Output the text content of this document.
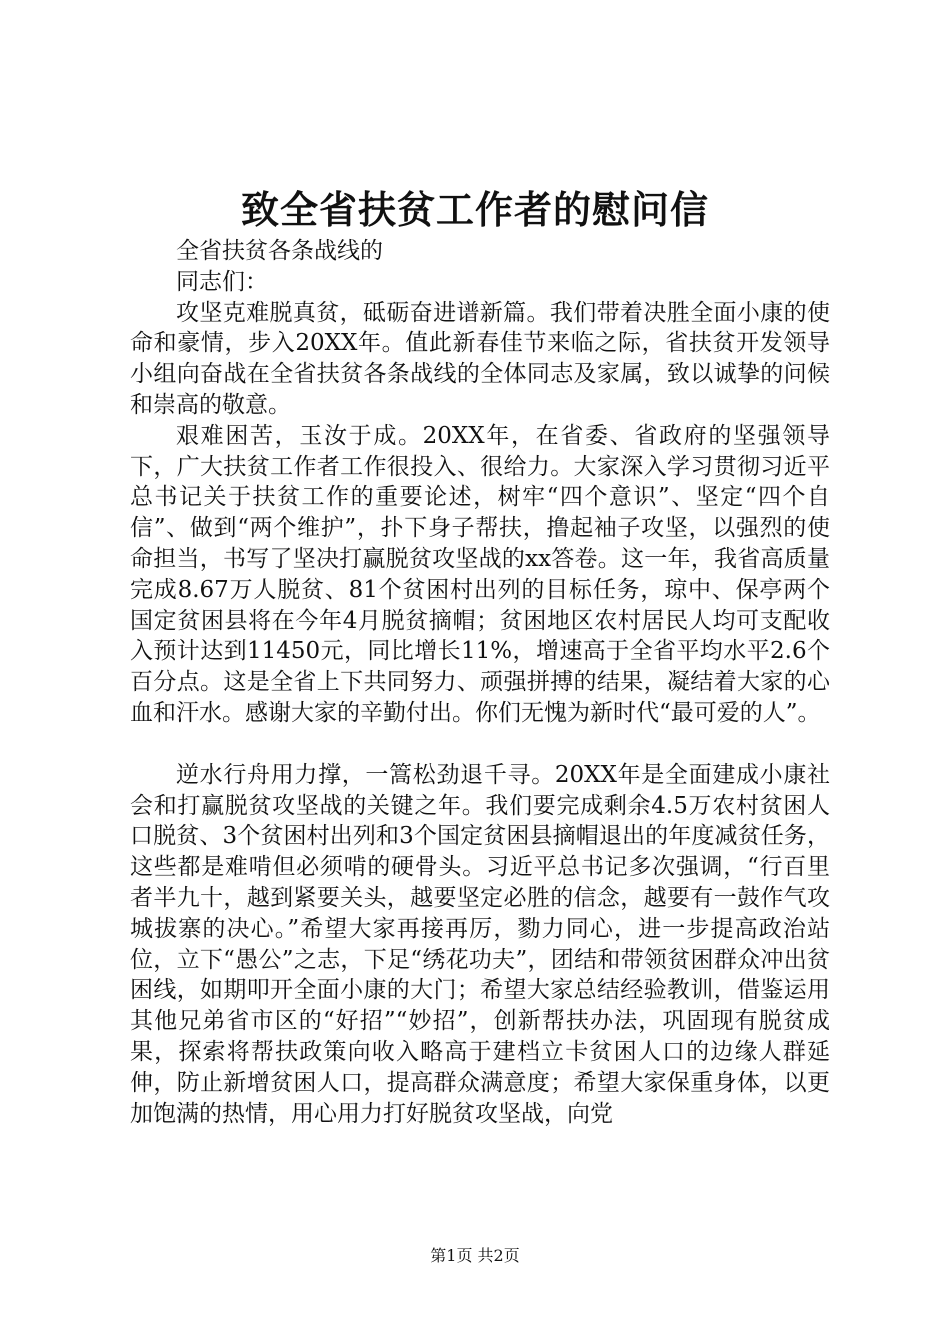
致全省扶贫工作者的慰问信

全省扶贫各条战线的

同志们：

攻坚克难脱真贫，砥砺奋进谱新篇。我们带着决胜全面小康的使命和豪情，步入20XX年。值此新春佳节来临之际，省扶贫开发领导小组向奋战在全省扶贫各条战线的全体同志及家属，致以诚挚的问候和崇高的敬意。

艰难困苦，玉汝于成。20XX年，在省委、省政府的坚强领导下，广大扶贫工作者工作很投入、很给力。大家深入学习贯彻习近平总书记关于扶贫工作的重要论述，树牢“四个意识”、坚定“四个自信”、做到“两个维护”，扑下身子帮扶，撸起袖子攻坚，以强烈的使命担当，书写了坚决打赢脱贫攻坚战的xx答卷。这一年，我省高质量完成8.67万人脱贫、81个贫困村出列的目标任务，琼中、保亭两个国定贫困县将在今年4月脱贫摘帽；贫困地区农村居民人均可支配收入预计达到11450元，同比增长11%，增速高于全省平均水平2.6个百分点。这是全省上下共同努力、顽强拼搏的结果，凝结着大家的心血和汗水。感谢大家的辛勤付出。你们无愧为新时代“最可爱的人”。

逆水行舟用力撑，一篙松劲退千寻。20XX年是全面建成小康社会和打赢脱贫攻坚战的关键之年。我们要完成剩余4.5万农村贫困人口脱贫、3个贫困村出列和3个国定贫困县摘帽退出的年度减贫任务，这些都是难啃但必须啃的硬骨头。习近平总书记多次强调，“行百里者半九十，越到紧要关头，越要坚定必胜的信念，越要有一鼓作气攻城拔寨的决心。”希望大家再接再厉，勠力同心，进一步提高政治站位，立下“愚公”之志，下足“绣花功夫”，团结和带领贫困群众冲出贫困线，如期叩开全面小康的大门；希望大家总结经验教训，借鉴运用其他兄弟省市区的“好招”“妙招”，创新帮扶办法，巩固现有脱贫成果，探索将帮扶政策向收入略高于建档立卡贫困人口的边缘人群延伸，防止新增贫困人口，提高群众满意度；希望大家保重身体，以更加饱满的热情，用心用力打好脱贫攻坚战，向党

第1页 共2页
